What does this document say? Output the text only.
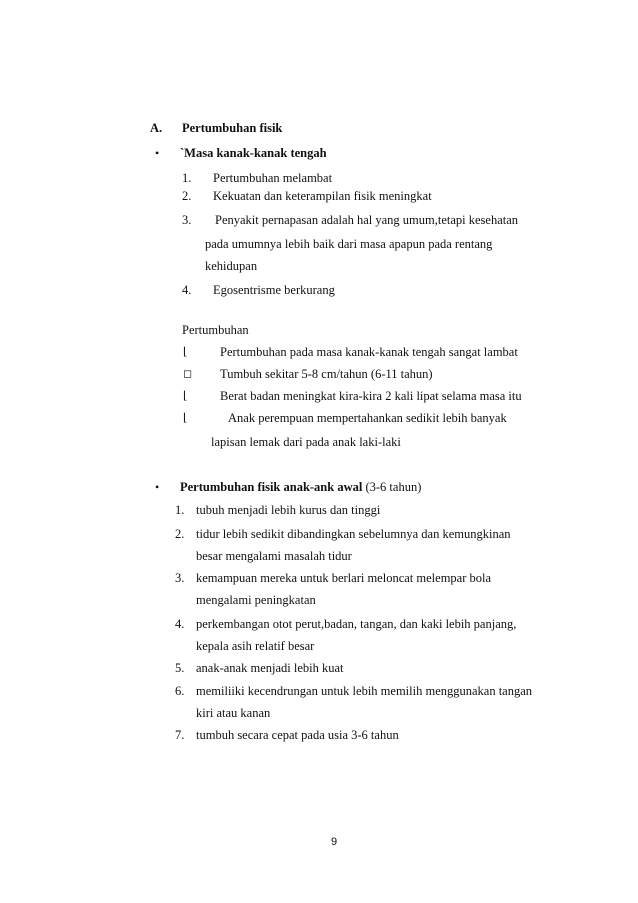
A. Pertumbuhan fisik
• `Masa kanak-kanak tengah
1. Pertumbuhan melambat
2. Kekuatan dan keterampilan fisik meningkat
3. Penyakit pernapasan adalah hal yang umum,tetapi kesehatan
pada umumnya lebih baik dari masa apapun pada rentang
kehidupan
4. Egosentrisme berkurang
Pertumbuhan
⌊	Pertumbuhan pada masa kanak-kanak tengah sangat lambat
◻ Tumbuh sekitar 5-8 cm/tahun (6-11 tahun)
⌊	Berat badan meningkat kira-kira 2 kali lipat selama masa itu
⌊	Anak perempuan mempertahankan sedikit lebih banyak
lapisan lemak dari pada anak laki-laki
• Pertumbuhan fisik anak-ank awal (3-6 tahun)
1. tubuh menjadi lebih kurus dan tinggi
2. tidur lebih sedikit dibandingkan sebelumnya dan kemungkinan
besar mengalami masalah tidur
3. kemampuan mereka untuk berlari meloncat melempar bola
mengalami peningkatan
4. perkembangan otot perut,badan, tangan, dan kaki lebih panjang,
kepala asih relatif besar
5. anak-anak menjadi lebih kuat
6. memiliiki kecendrungan untuk lebih memilih menggunakan tangan
kiri atau kanan
7. tumbuh secara cepat pada usia 3-6 tahun
9
